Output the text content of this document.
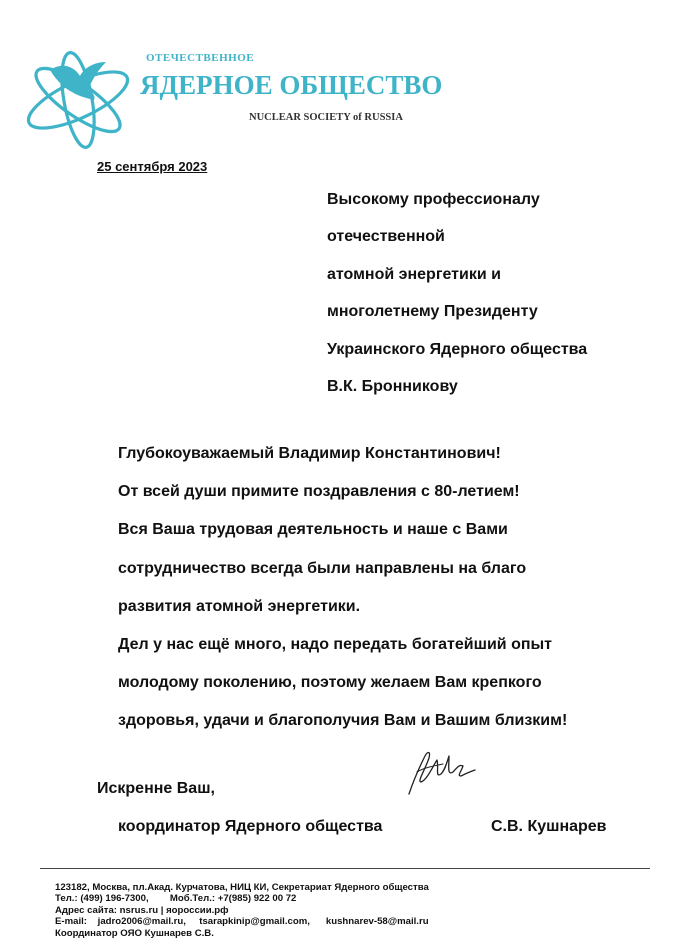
ОТЕЧЕСТВЕННОЕ
ЯДЕРНОЕ ОБЩЕСТВО
NUCLEAR SOCIETY of RUSSIA
25 сентября 2023
Высокому профессионалу
отечественной
атомной энергетики и
многолетнему Президенту
Украинского Ядерного общества
В.К. Бронникову
Глубокоуважаемый Владимир Константинович!
От всей души примите поздравления с 80-летием!
Вся Ваша трудовая деятельность и наше с Вами
сотрудничество всегда были направлены на благо
развития атомной энергетики.
Дел у нас ещё много, надо передать богатейший опыт
молодому поколению, поэтому желаем Вам крепкого
здоровья, удачи и благополучия Вам и Вашим близким!
Искренне Ваш,
координатор Ядерного общества	С.В. Кушнарев
123182, Москва, пл.Акад. Курчатова, НИЦ КИ, Секретариат Ядерного общества
Тел.: (499) 196-7300,        Моб.Тел.: +7(985) 922 00 72
Адрес сайта: nsrus.ru | яороссии.рф
E-mail:    jadro2006@mail.ru,     tsarapkinip@gmail.com,      kushnarev-58@mail.ru
Координатор ОЯО Кушнарев С.В.
